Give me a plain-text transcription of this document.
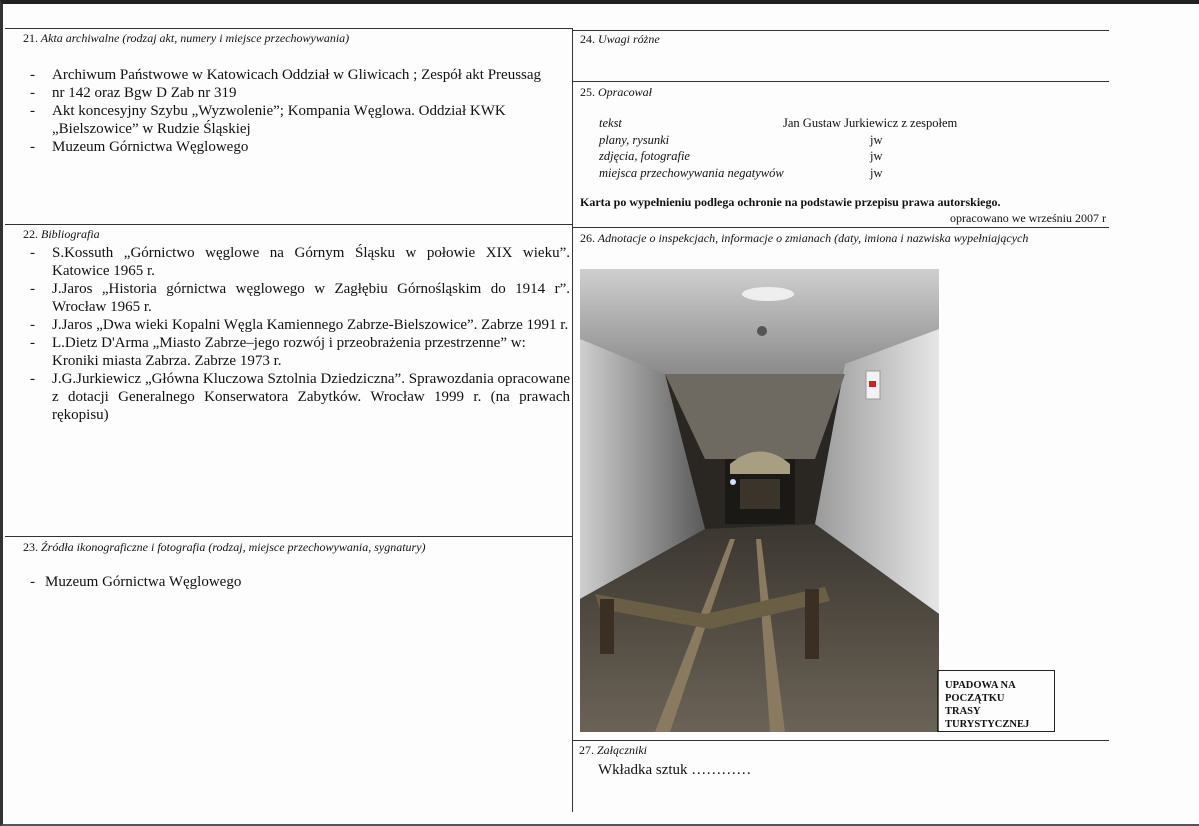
21. Akta archiwalne (rodzaj akt, numery i miejsce przechowywania)
-	Archiwum Państwowe w Katowicach Oddział w Gliwicach ; Zespół akt Preussag
-	nr 142 oraz Bgw D Zab nr 319
-	Akt koncesyjny Szybu „Wyzwolenie”; Kompania Węglowa. Oddział KWK „Bielszowice” w Rudzie Śląskiej
-	Muzeum Górnictwa Węglowego
22. Bibliografia
-	S.Kossuth „Górnictwo węglowe na Górnym Śląsku w połowie XIX wieku”. Katowice 1965 r.
-	J.Jaros „Historia górnictwa węglowego w Zagłębiu Górnośląskim do 1914 r”. Wrocław 1965 r.
-	J.Jaros „Dwa wieki Kopalni Węgla Kamiennego Zabrze-Bielszowice”. Zabrze 1991 r.
-	L.Dietz D'Arma „Miasto Zabrze–jego rozwój i przeobrażenia przestrzenne” w: Kroniki miasta Zabrza. Zabrze 1973 r.
-	J.G.Jurkiewicz „Główna Kluczowa Sztolnia Dziedziczna”. Sprawozdania opracowane z dotacji Generalnego Konserwatora Zabytków. Wrocław 1999 r. (na prawach rękopisu)
23. Źródła ikonograficzne i fotografia (rodzaj, miejsce przechowywania, sygnatury)
- Muzeum Górnictwa Węglowego
24. Uwagi różne
25. Opracował
tekst	Jan Gustaw Jurkiewicz z zespołem
plany, rysunki	jw
zdjęcia, fotografie	jw
miejsca przechowywania negatywów	jw
Karta po wypełnieniu podlega ochronie na podstawie przepisu prawa autorskiego.
opracowano we wrześniu 2007 r
26. Adnotacje o inspekcjach, informacje o zmianach (daty, imiona i nazwiska wypełniających
UPADOWA NA
POCZĄTKU
TRASY
TURYSTYCZNEJ
27. Załączniki
Wkładka sztuk …………
